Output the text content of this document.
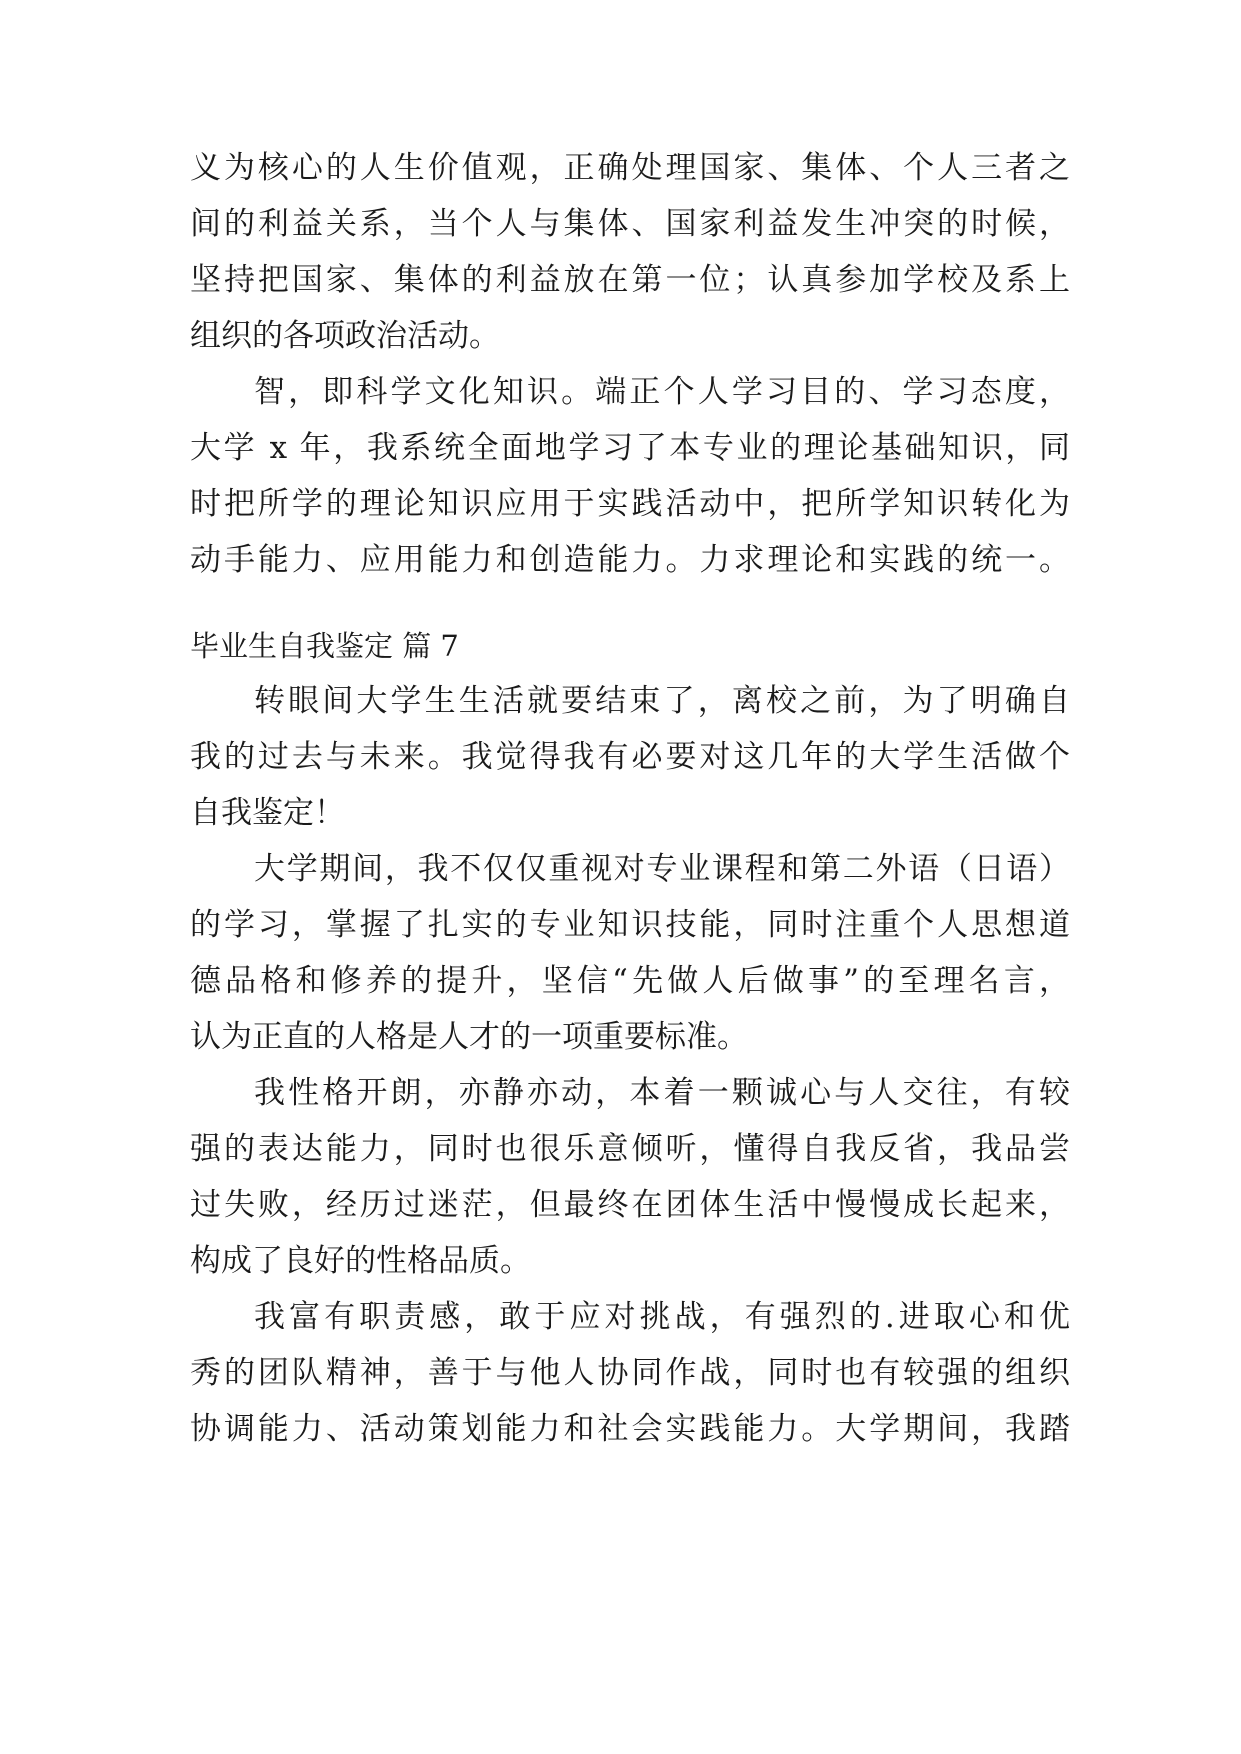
义为核心的人生价值观，正确处理国家、集体、个人三者之
间的利益关系，当个人与集体、国家利益发生冲突的时候，
坚持把国家、集体的利益放在第一位；认真参加学校及系上
组织的各项政治活动。
智，即科学文化知识。端正个人学习目的、学习态度，
大学 x 年，我系统全面地学习了本专业的理论基础知识，同
时把所学的理论知识应用于实践活动中，把所学知识转化为
动手能力、应用能力和创造能力。力求理论和实践的统一。
毕业生自我鉴定 篇 7
转眼间大学生生活就要结束了，离校之前，为了明确自
我的过去与未来。我觉得我有必要对这几年的大学生活做个
自我鉴定！
大学期间，我不仅仅重视对专业课程和第二外语（日语）
的学习，掌握了扎实的专业知识技能，同时注重个人思想道
德品格和修养的提升，坚信“先做人后做事”的至理名言，
认为正直的人格是人才的一项重要标准。
我性格开朗，亦静亦动，本着一颗诚心与人交往，有较
强的表达能力，同时也很乐意倾听，懂得自我反省，我品尝
过失败，经历过迷茫，但最终在团体生活中慢慢成长起来，
构成了良好的性格品质。
我富有职责感，敢于应对挑战，有强烈的.进取心和优
秀的团队精神，善于与他人协同作战，同时也有较强的组织
协调能力、活动策划能力和社会实践能力。大学期间，我踏
